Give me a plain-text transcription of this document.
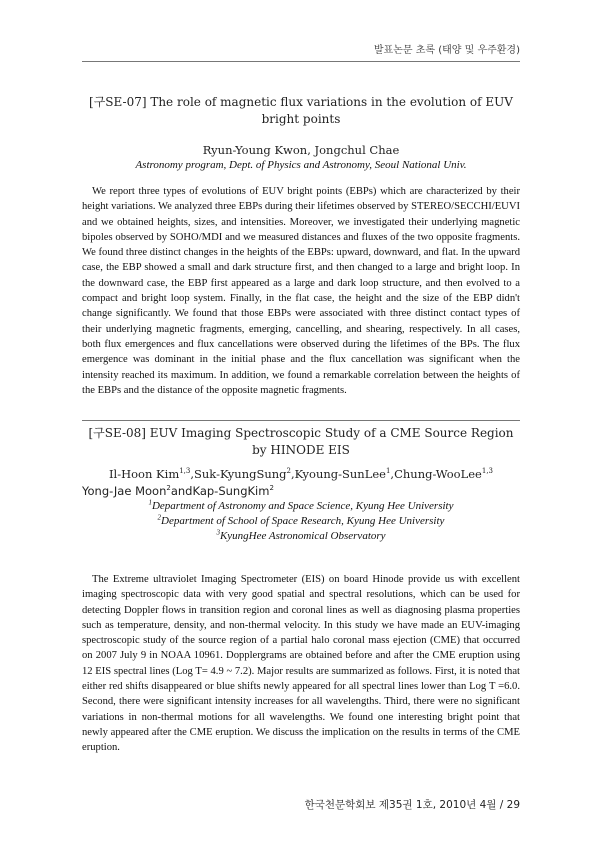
발표논문 초록 (태양 및 우주환경)
[구SE-07] The role of magnetic flux variations in the evolution of EUV bright points
Ryun-Young Kwon, Jongchul Chae
Astronomy program, Dept. of Physics and Astronomy, Seoul National Univ.

We report three types of evolutions of EUV bright points (EBPs) which are characterized by their height variations. We analyzed three EBPs during their lifetimes observed by STEREO/SECCHI/EUVI and we obtained heights, sizes, and intensities. Moreover, we investigated their underlying magnetic bipoles observed by SOHO/MDI and we measured distances and fluxes of the two opposite fragments. We found three distinct changes in the heights of the EBPs: upward, downward, and flat. In the upward case, the EBP showed a small and dark structure first, and then changed to a large and bright loop. In the downward case, the EBP first appeared as a large and dark loop structure, and then evolved to a compact and bright loop system. Finally, in the flat case, the height and the size of the EBP didn't change significantly. We found that those EBPs were associated with three distinct contact types of their underlying magnetic fragments, emerging, cancelling, and shearing, respectively. In all cases, both flux emergences and flux cancellations were observed during the lifetimes of the BPs. The flux emergence was dominant in the initial phase and the flux cancellation was significant when the intensity reached its maximum. In addition, we found a remarkable correlation between the heights of the EBPs and the distance of the opposite magnetic fragments.

[구SE-08] EUV Imaging Spectroscopic Study of a CME Source Region by HINODE EIS
Il-Hoon Kim$^{1,3}$,Suk-KyungSung$^2$,Kyoung-SunLee$^1$,Chung-WooLee$^{1,3}$
Yong-Jae Moon$^2$andKap-SungKim$^2$
$^1$Department of Astronomy and Space Science, Kyung Hee University
$^2$Department of School of Space Research, Kyung Hee University
$^3$KyungHee Astronomical Observatory

The Extreme ultraviolet Imaging Spectrometer (EIS) on board Hinode provide us with excellent imaging spectroscopic data with very good spatial and spectral resolutions, which can be used for detecting Doppler flows in transition region and coronal lines as well as diagnosing plasma properties such as temperature, density, and non-thermal velocity. In this study we have made an EUV-imaging spectroscopic study of the source region of a partial halo coronal mass ejection (CME) that occurred on 2007 July 9 in NOAA 10961. Dopplergrams are obtained before and after the CME eruption using 12 EIS spectral lines (Log T= 4.9 ~ 7.2). Major results are summarized as follows. First, it is noted that either red shifts disappeared or blue shifts newly appeared for all spectral lines lower than Log T =6.0. Second, there were significant intensity increases for all wavelengths. Third, there were no significant variations in non-thermal motions for all wavelengths. We found one interesting bright point that newly appeared after the CME eruption. We discuss the implication on the results in terms of the CME eruption.

한국천문학회보 제35권 1호, 2010년 4월 / 29
